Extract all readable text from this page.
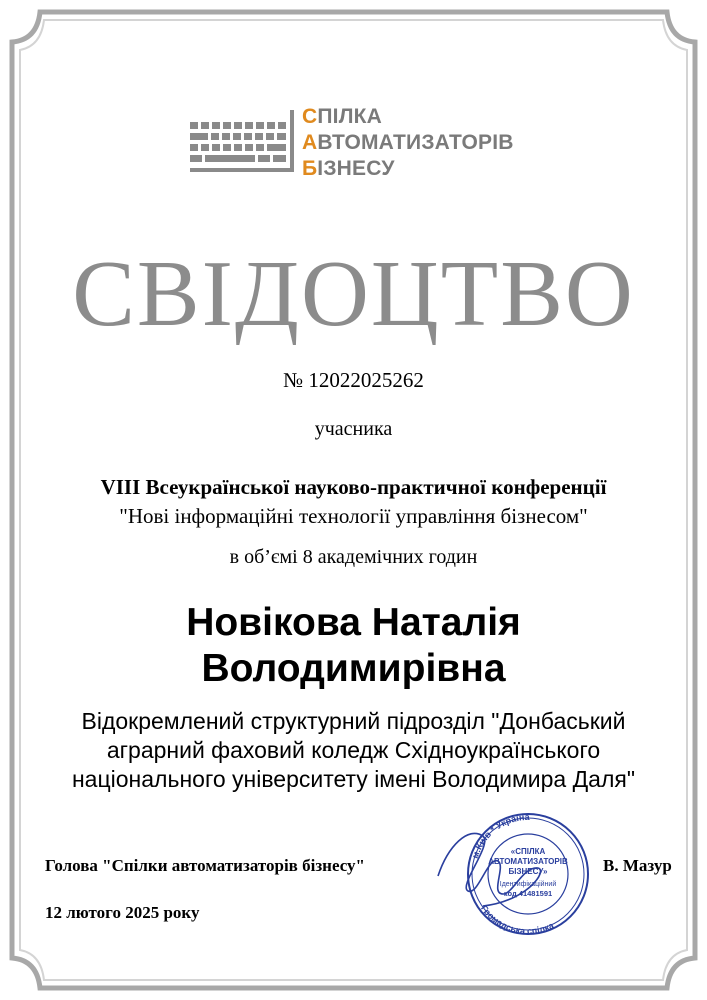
СПІЛКА
АВТОМАТИЗАТОРІВ
БІЗНЕСУ
СВІДОЦТВО
№ 12022025262
учасника
VIII Всеукраїнської науково-практичної конференції
"Нові інформаційні технології управління бізнесом"
в об’ємі 8 академічних годин
Новікова Наталія
Володимирівна
Відокремлений структурний підрозділ "Донбаський
аграрний фаховий коледж Східноукраїнського
національного університету імені Володимира Даля"
Голова "Спілки автоматизаторів бізнесу"
м.Київ * Україна
Громадська спілка
«СПІЛКА
АВТОМАТИЗАТОРІВ
БІЗНЕСУ»
Ідентифікаційний
код 41481591
В. Мазур
12 лютого 2025 року
